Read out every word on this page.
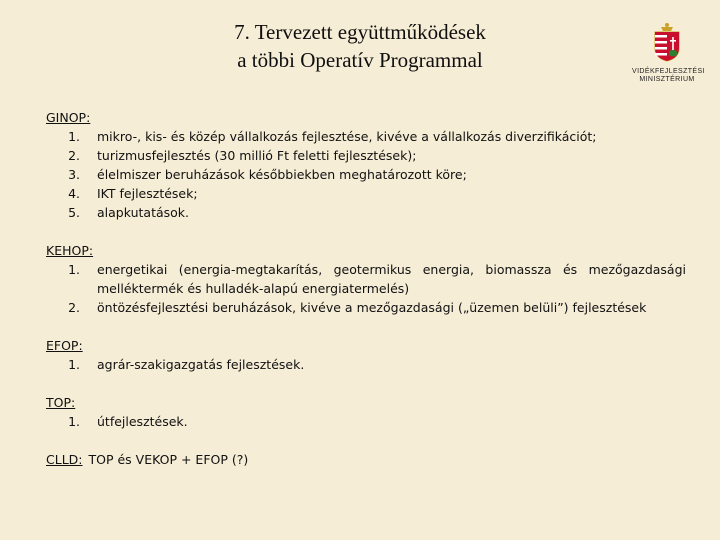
7. Tervezett együttműködések
a többi Operatív Programmal	VIDÉKFEJLESZTÉSI
MINISZTÉRIUM
GINOP:
1.	mikro-, kis- és közép vállalkozás fejlesztése, kivéve a vállalkozás diverzifikációt;
2.	turizmusfejlesztés (30 millió Ft feletti fejlesztések);
3.	élelmiszer beruházások későbbiekben meghatározott köre;
4.	IKT fejlesztések;
5.	alapkutatások.
KEHOP:
1.	energetikai (energia-megtakarítás, geotermikus energia, biomassza és mezőgazdasági melléktermék és hulladék-alapú energiatermelés)
2.	öntözésfejlesztési beruházások, kivéve a mezőgazdasági („üzemen belüli”) fejlesztések
EFOP:
1.	agrár-szakigazgatás fejlesztések.
TOP:
1.	útfejlesztések.
CLLD: TOP és VEKOP + EFOP (?)
